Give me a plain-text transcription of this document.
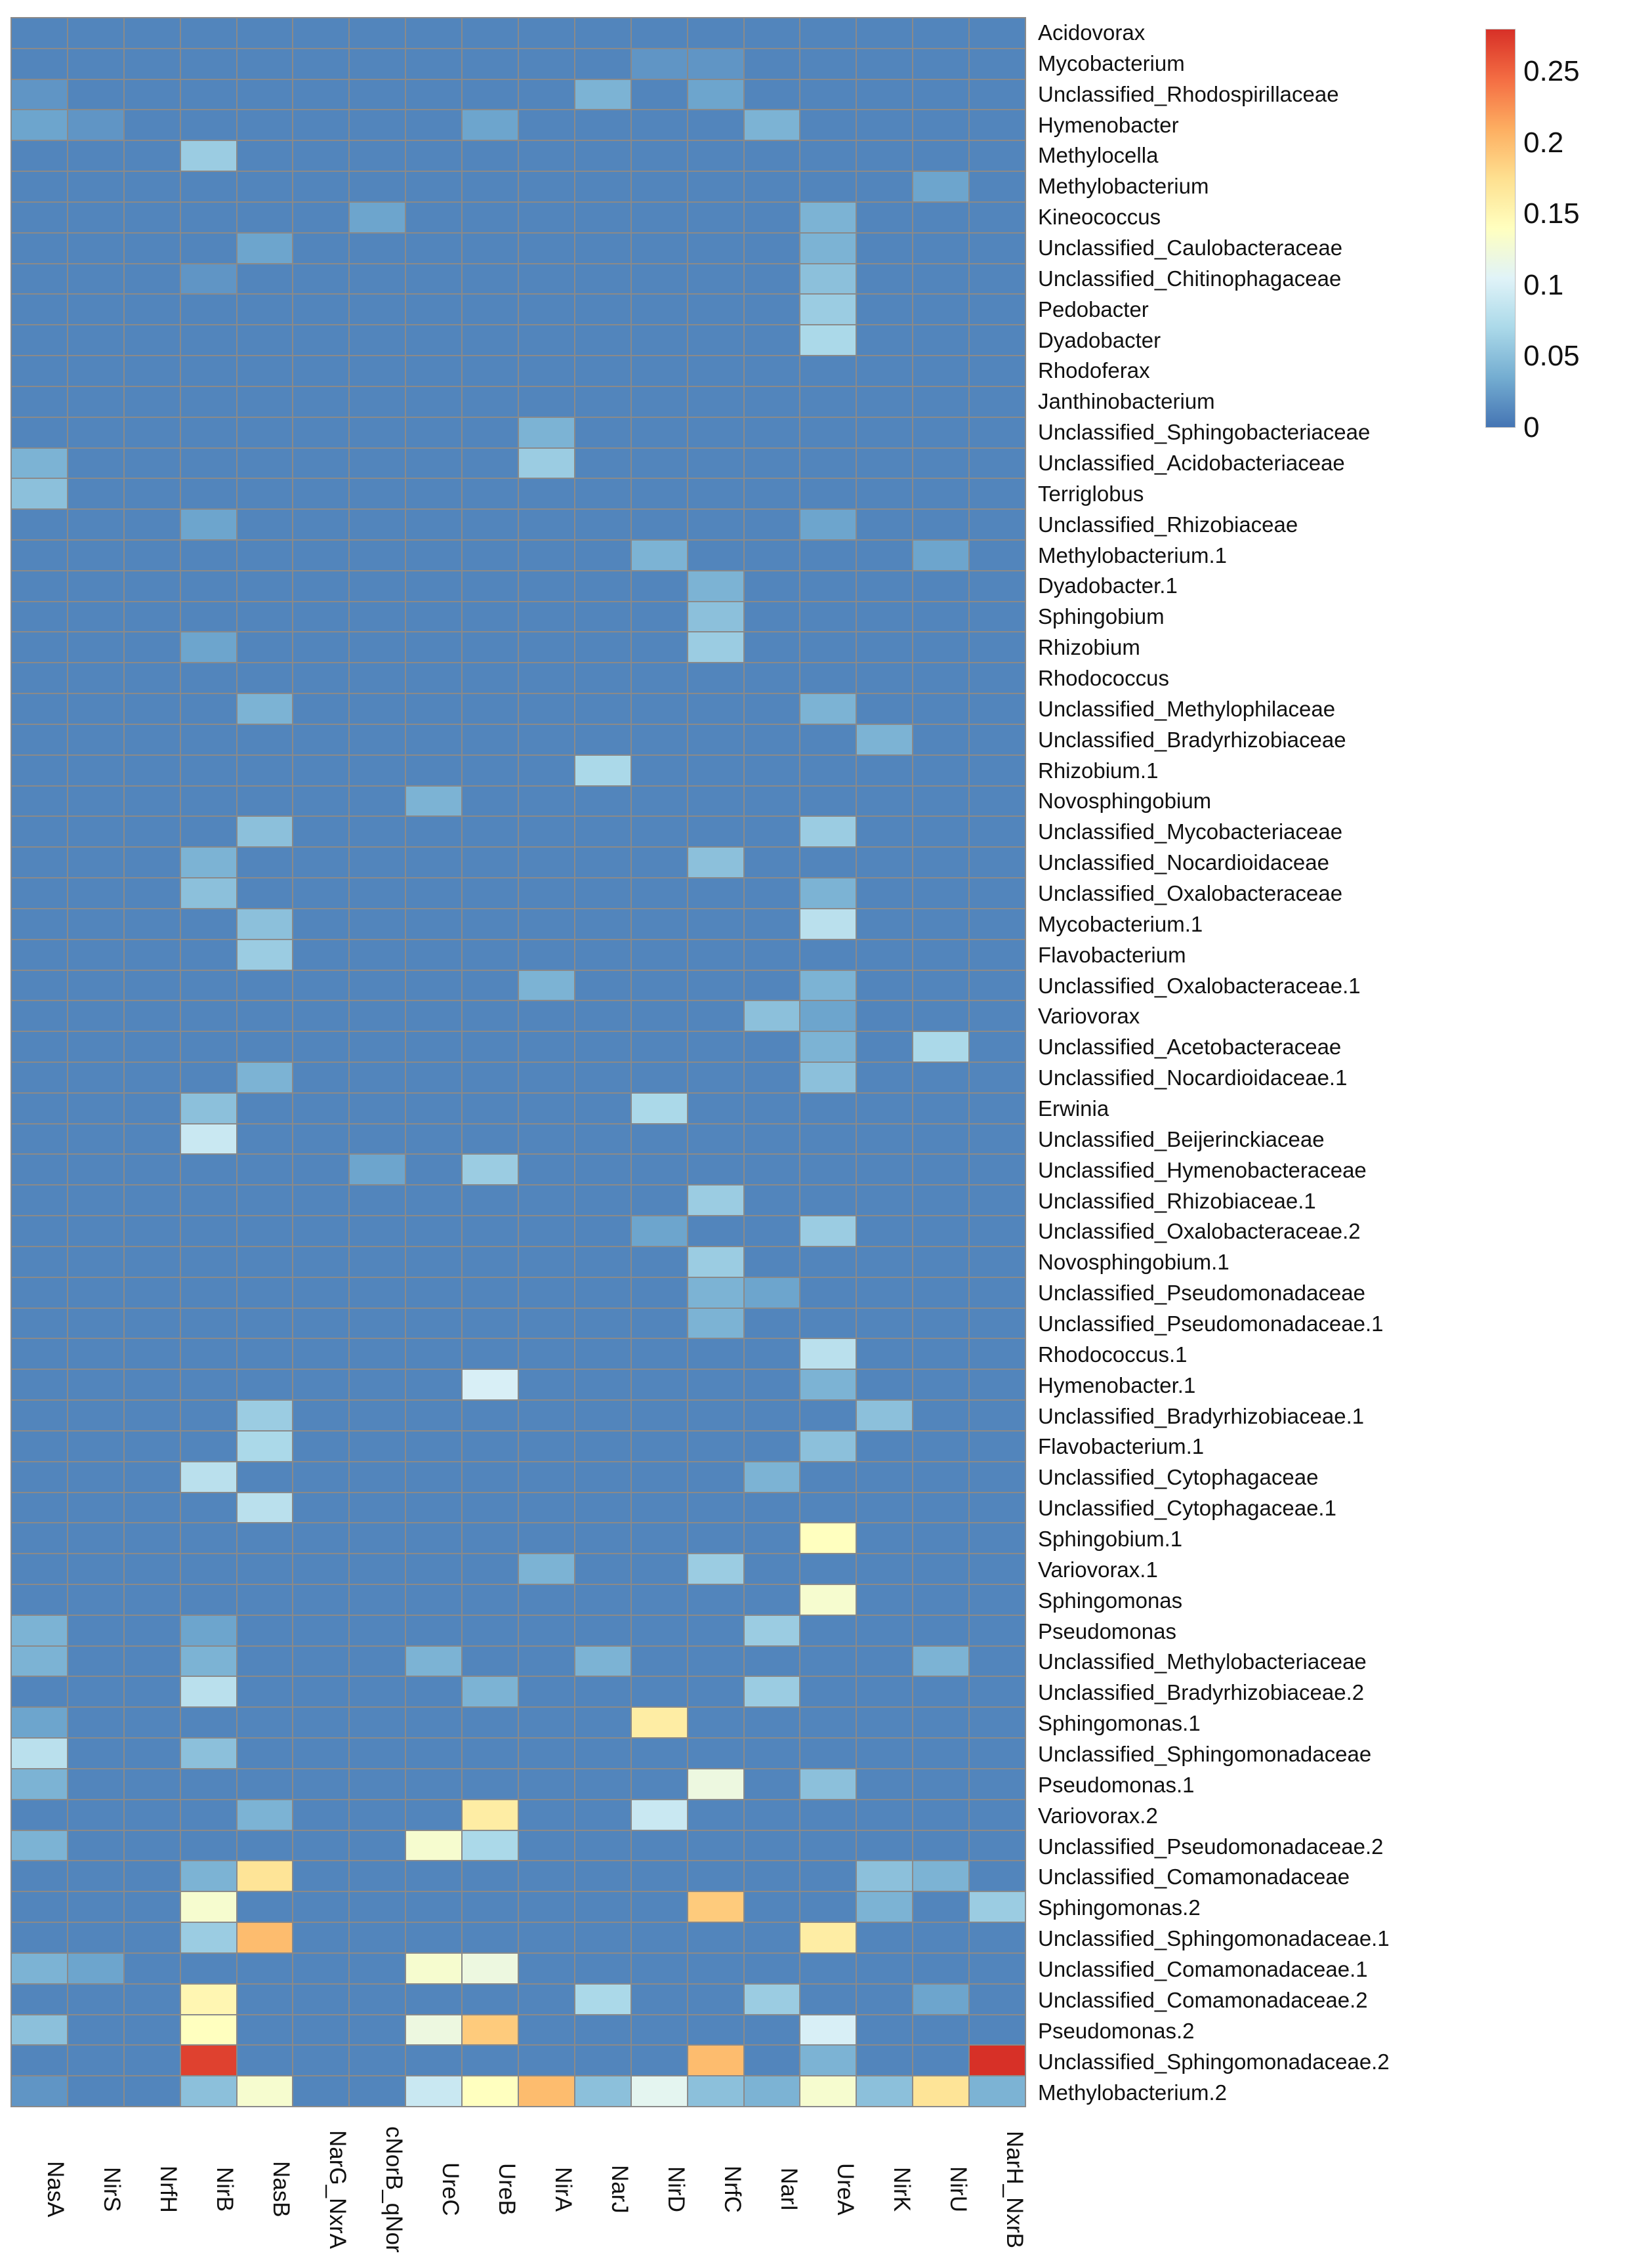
Acidovorax
Mycobacterium
Unclassified_Rhodospirillaceae
Hymenobacter
Methylocella
Methylobacterium
Kineococcus
Unclassified_Caulobacteraceae
Unclassified_Chitinophagaceae
Pedobacter
Dyadobacter
Rhodoferax
Janthinobacterium
Unclassified_Sphingobacteriaceae
Unclassified_Acidobacteriaceae
Terriglobus
Unclassified_Rhizobiaceae
Methylobacterium.1
Dyadobacter.1
Sphingobium
Rhizobium
Rhodococcus
Unclassified_Methylophilaceae
Unclassified_Bradyrhizobiaceae
Rhizobium.1
Novosphingobium
Unclassified_Mycobacteriaceae
Unclassified_Nocardioidaceae
Unclassified_Oxalobacteraceae
Mycobacterium.1
Flavobacterium
Unclassified_Oxalobacteraceae.1
Variovorax
Unclassified_Acetobacteraceae
Unclassified_Nocardioidaceae.1
Erwinia
Unclassified_Beijerinckiaceae
Unclassified_Hymenobacteraceae
Unclassified_Rhizobiaceae.1
Unclassified_Oxalobacteraceae.2
Novosphingobium.1
Unclassified_Pseudomonadaceae
Unclassified_Pseudomonadaceae.1
Rhodococcus.1
Hymenobacter.1
Unclassified_Bradyrhizobiaceae.1
Flavobacterium.1
Unclassified_Cytophagaceae
Unclassified_Cytophagaceae.1
Sphingobium.1
Variovorax.1
Sphingomonas
Pseudomonas
Unclassified_Methylobacteriaceae
Unclassified_Bradyrhizobiaceae.2
Sphingomonas.1
Unclassified_Sphingomonadaceae
Pseudomonas.1
Variovorax.2
Unclassified_Pseudomonadaceae.2
Unclassified_Comamonadaceae
Sphingomonas.2
Unclassified_Sphingomonadaceae.1
Unclassified_Comamonadaceae.1
Unclassified_Comamonadaceae.2
Pseudomonas.2
Unclassified_Sphingomonadaceae.2
Methylobacterium.2
NasA	NirS	NrfH	NirB	NasB	NarG_NxrA	cNorB_qNor	UreC	UreB	NirA	NarJ	NirD	NrfC	NarI	UreA	NirK	NirU	NarH_NxrB
0.25
0.2
0.15
0.1
0.05
0
